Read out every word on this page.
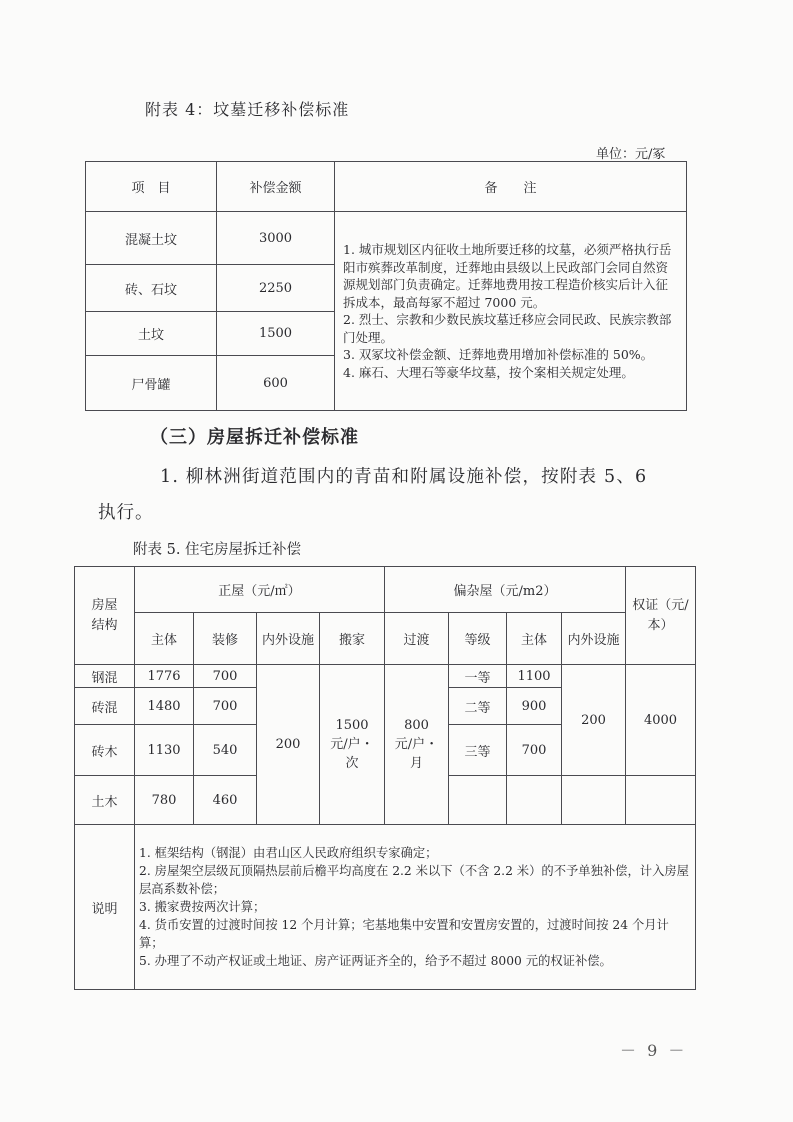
附表 4：坟墓迁移补偿标准
单位：元/冢
项　目	补偿金额	备　　注
混凝土坟	3000	1. 城市规划区内征收土地所要迁移的坟墓，必须严格执行岳阳市殡葬改革制度，迁葬地由县级以上民政部门会同自然资源规划部门负责确定。迁葬地费用按工程造价核实后计入征拆成本，最高每冢不超过 7000 元。
2. 烈士、宗教和少数民族坟墓迁移应会同民政、民族宗教部门处理。
3. 双冢坟补偿金额、迁葬地费用增加补偿标准的 50%。
4. 麻石、大理石等豪华坟墓，按个案相关规定处理。

砖、石坟	2250	
土坟	1500	
尸骨罐	600	
（三）房屋拆迁补偿标准
1. 柳林洲街道范围内的青苗和附属设施补偿，按附表 5、6
执行。
附表 5. 住宅房屋拆迁补偿
房屋结构	正屋（元/㎡）				偏杂屋（元/m2）				权证（元/本）
	主体	装修	内外设施	搬家	过渡	等级	主体	内外设施	
钢混	1776	700	200	1500 元/户・次	800 元/户・月	一等	1100	200	4000
砖混	1480	700				二等	900		
砖木	1130	540				三等	700		
土木	780	460							
说明	1. 框架结构（钢混）由君山区人民政府组织专家确定；
2. 房屋架空层级瓦顶隔热层前后檐平均高度在 2.2 米以下（不含 2.2 米）的不予单独补偿，计入房屋层高系数补偿；
3. 搬家费按两次计算；
4. 货币安置的过渡时间按 12 个月计算；宅基地集中安置和安置房安置的，过渡时间按 24 个月计算；
5. 办理了不动产权证或土地证、房产证两证齐全的，给予不超过 8000 元的权证补偿。								
－ 9 －
